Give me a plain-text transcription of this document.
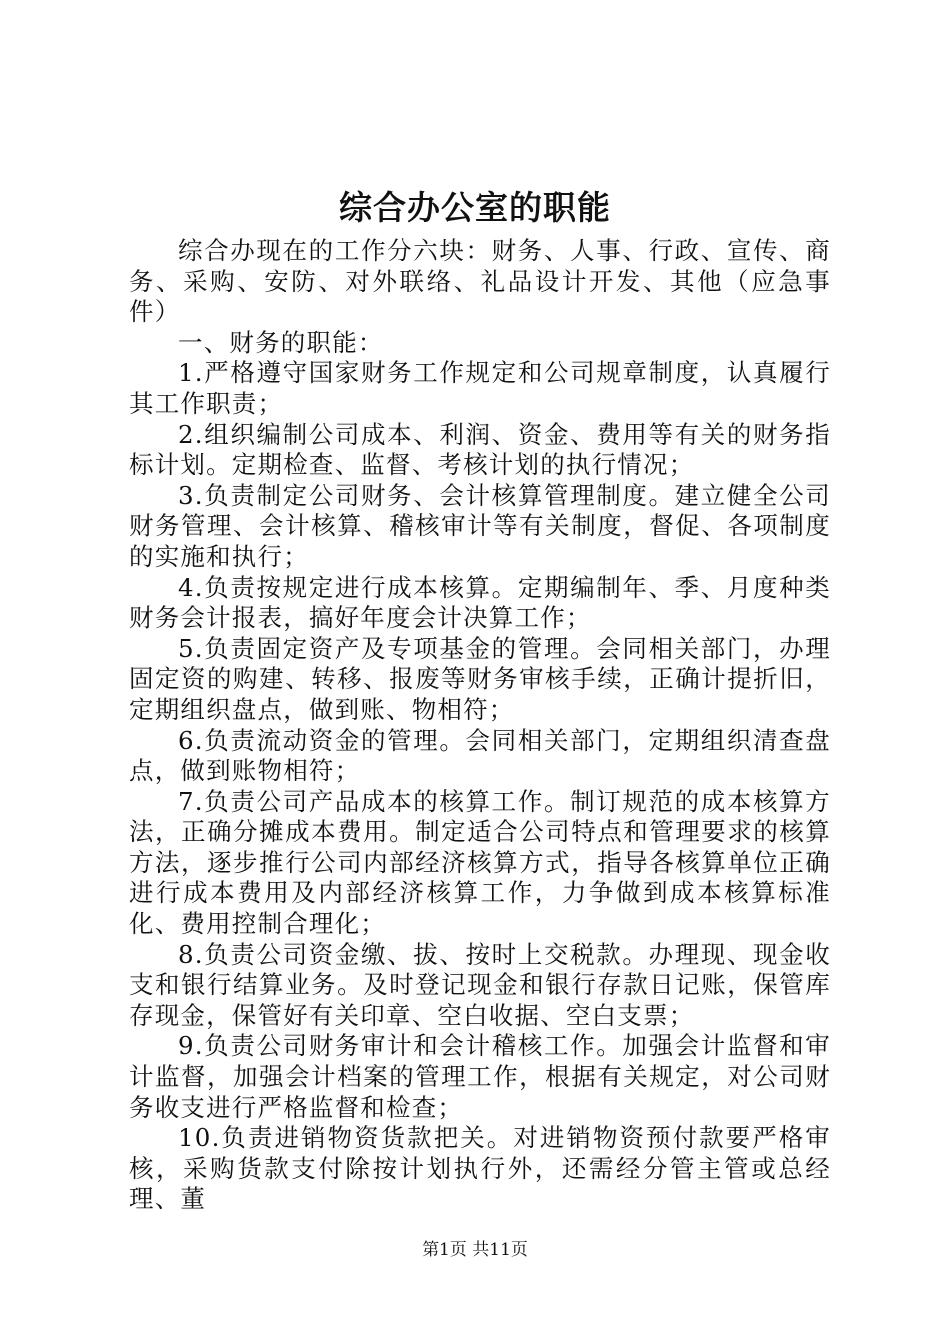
综合办公室的职能

综合办现在的工作分六块：财务、人事、行政、宣传、商务、采购、安防、对外联络、礼品设计开发、其他（应急事件）

一、财务的职能：

1.严格遵守国家财务工作规定和公司规章制度，认真履行其工作职责；

2.组织编制公司成本、利润、资金、费用等有关的财务指标计划。定期检查、监督、考核计划的执行情况；

3.负责制定公司财务、会计核算管理制度。建立健全公司财务管理、会计核算、稽核审计等有关制度，督促、各项制度的实施和执行；

4.负责按规定进行成本核算。定期编制年、季、月度种类财务会计报表，搞好年度会计决算工作；

5.负责固定资产及专项基金的管理。会同相关部门，办理固定资的购建、转移、报废等财务审核手续，正确计提折旧，定期组织盘点，做到账、物相符；

6.负责流动资金的管理。会同相关部门，定期组织清查盘点，做到账物相符；

7.负责公司产品成本的核算工作。制订规范的成本核算方法，正确分摊成本费用。制定适合公司特点和管理要求的核算方法，逐步推行公司内部经济核算方式，指导各核算单位正确进行成本费用及内部经济核算工作，力争做到成本核算标准化、费用控制合理化；

8.负责公司资金缴、拔、按时上交税款。办理现、现金收支和银行结算业务。及时登记现金和银行存款日记账，保管库存现金，保管好有关印章、空白收据、空白支票；

9.负责公司财务审计和会计稽核工作。加强会计监督和审计监督，加强会计档案的管理工作，根据有关规定，对公司财务收支进行严格监督和检查；

10.负责进销物资货款把关。对进销物资预付款要严格审核，采购货款支付除按计划执行外，还需经分管主管或总经理、董

第1页 共11页
